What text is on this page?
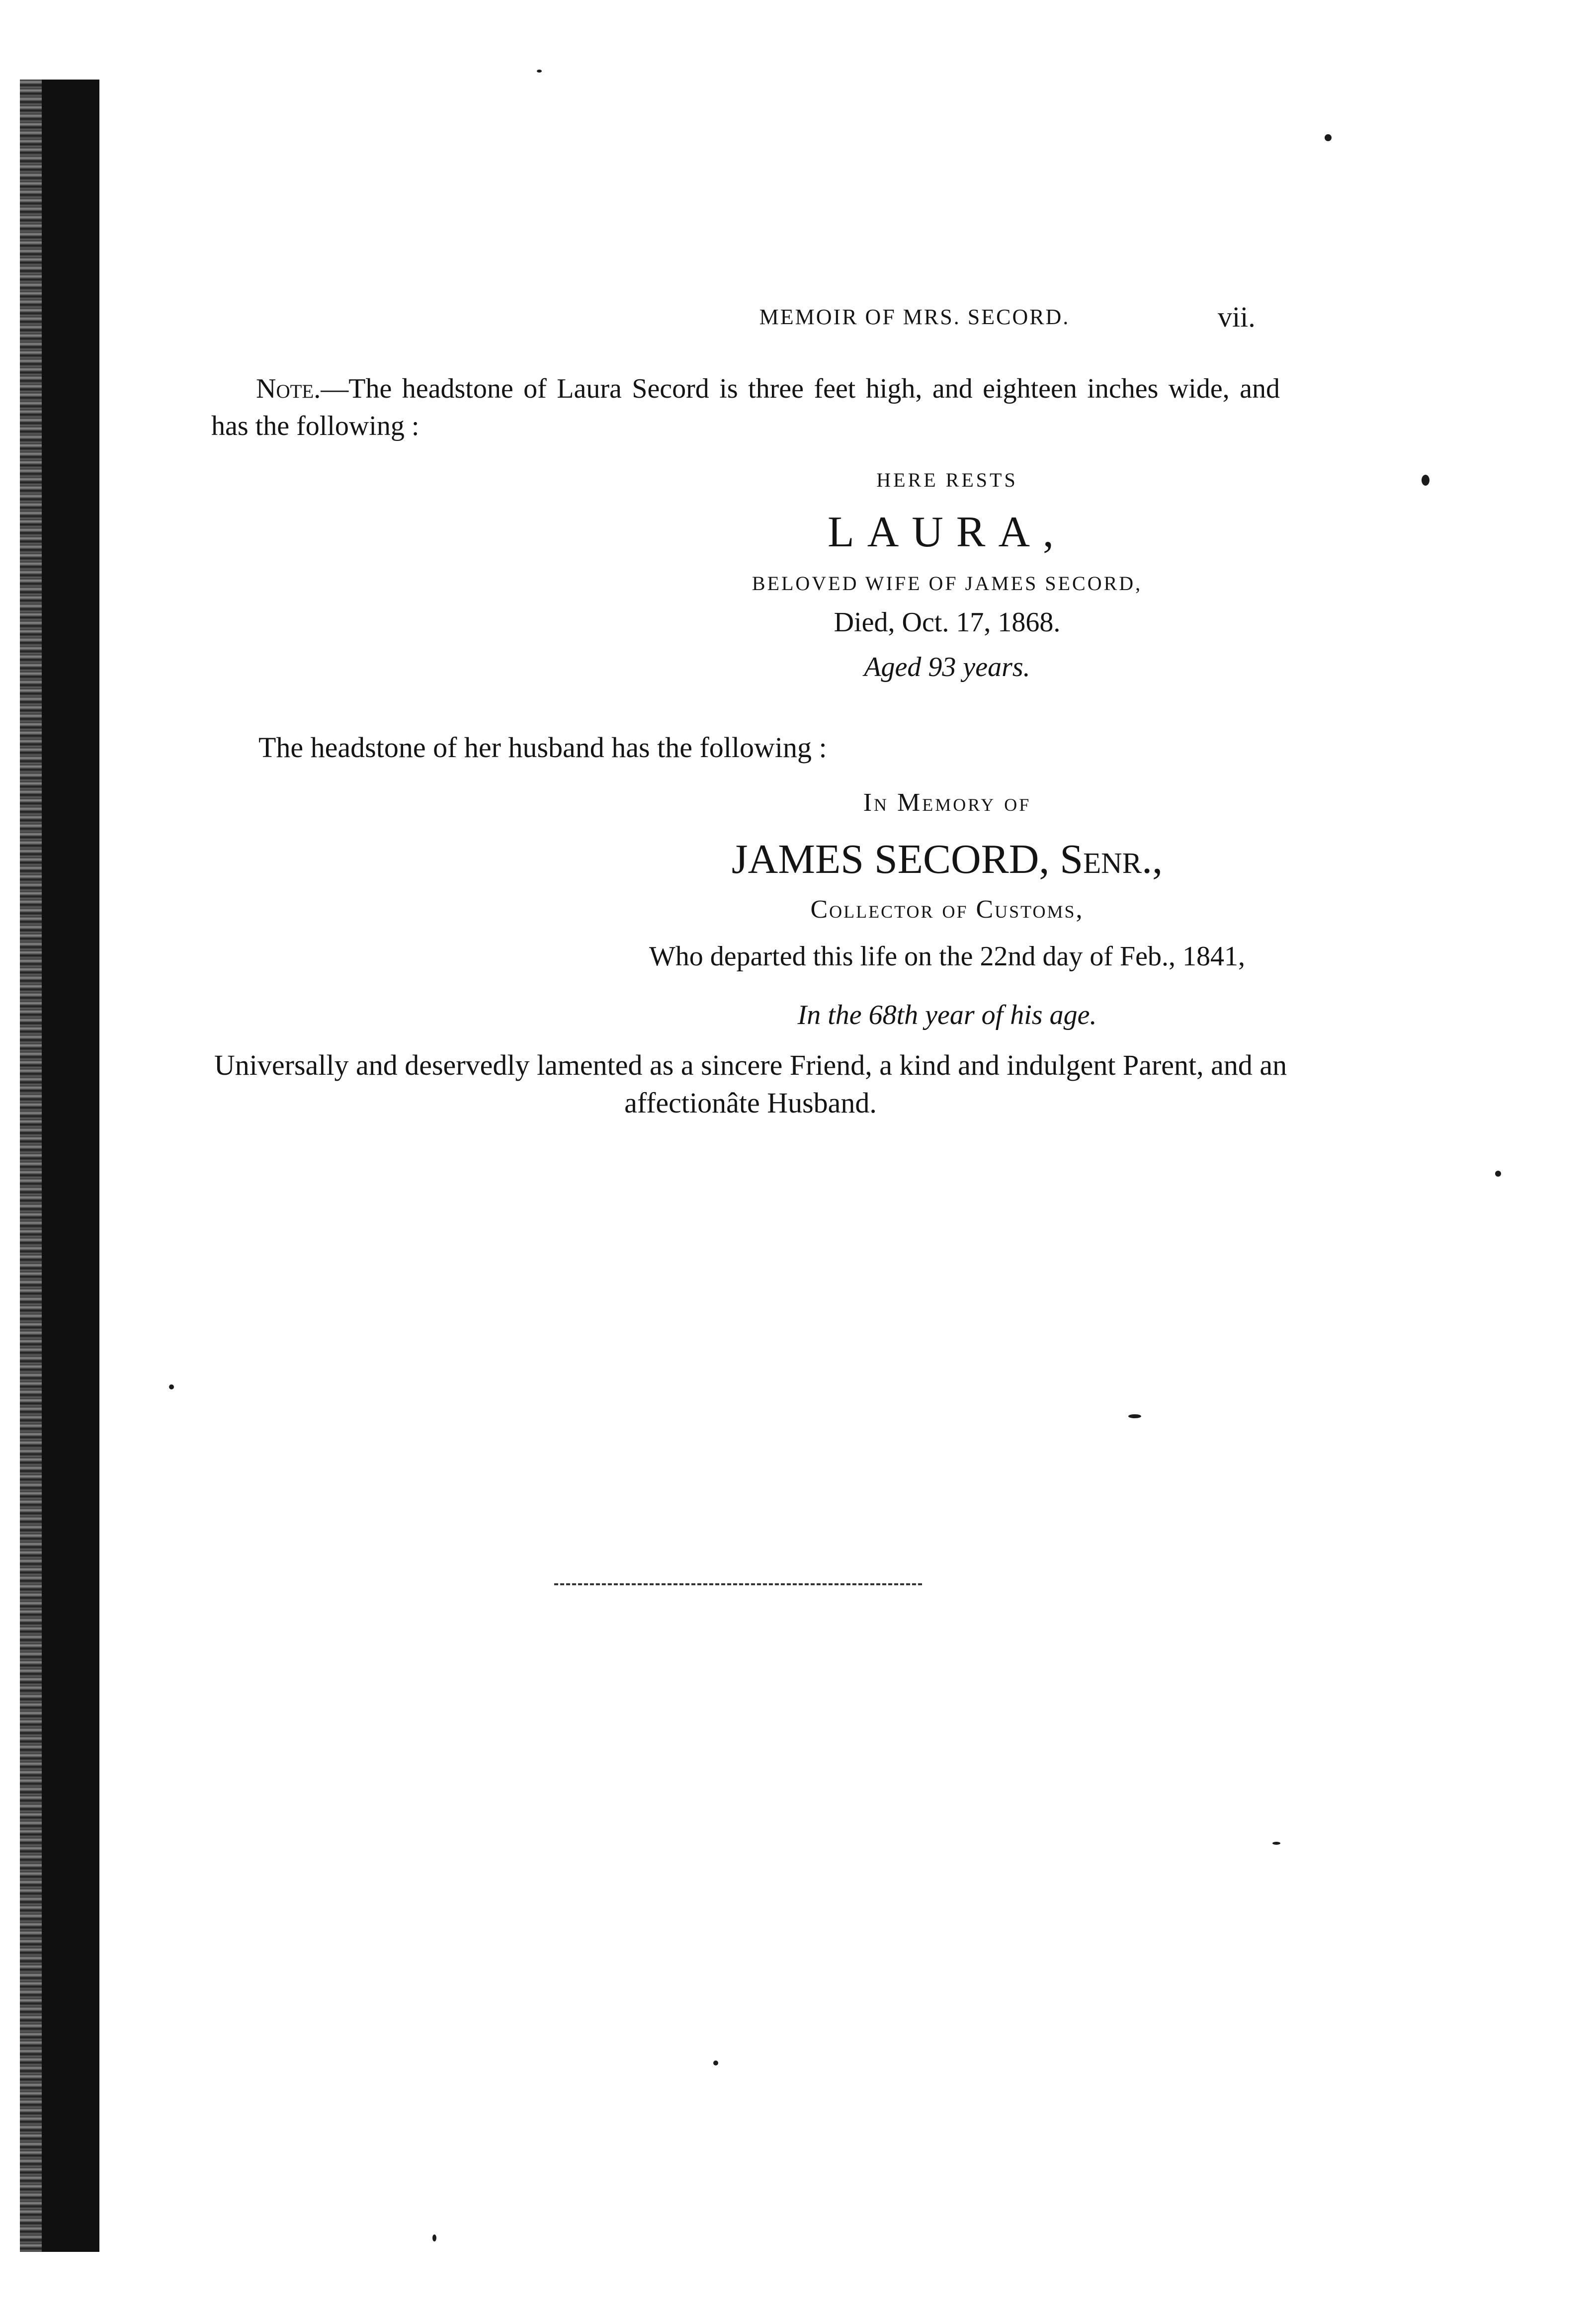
MEMOIR OF MRS. SECORD.	vii.
Note.—The headstone of Laura Secord is three feet high, and eighteen inches wide, and has the following :
HERE RESTS
LAURA,
BELOVED WIFE OF JAMES SECORD,
Died, Oct. 17, 1868.
Aged 93 years.
The headstone of her husband has the following :
In Memory of
JAMES SECORD, Senr.,
Collector of Customs,
Who departed this life on the 22nd day of Feb., 1841,
In the 68th year of his age.
Universally and deservedly lamented as a sincere Friend, a kind and indulgent Parent, and an affectionâte Husband.
